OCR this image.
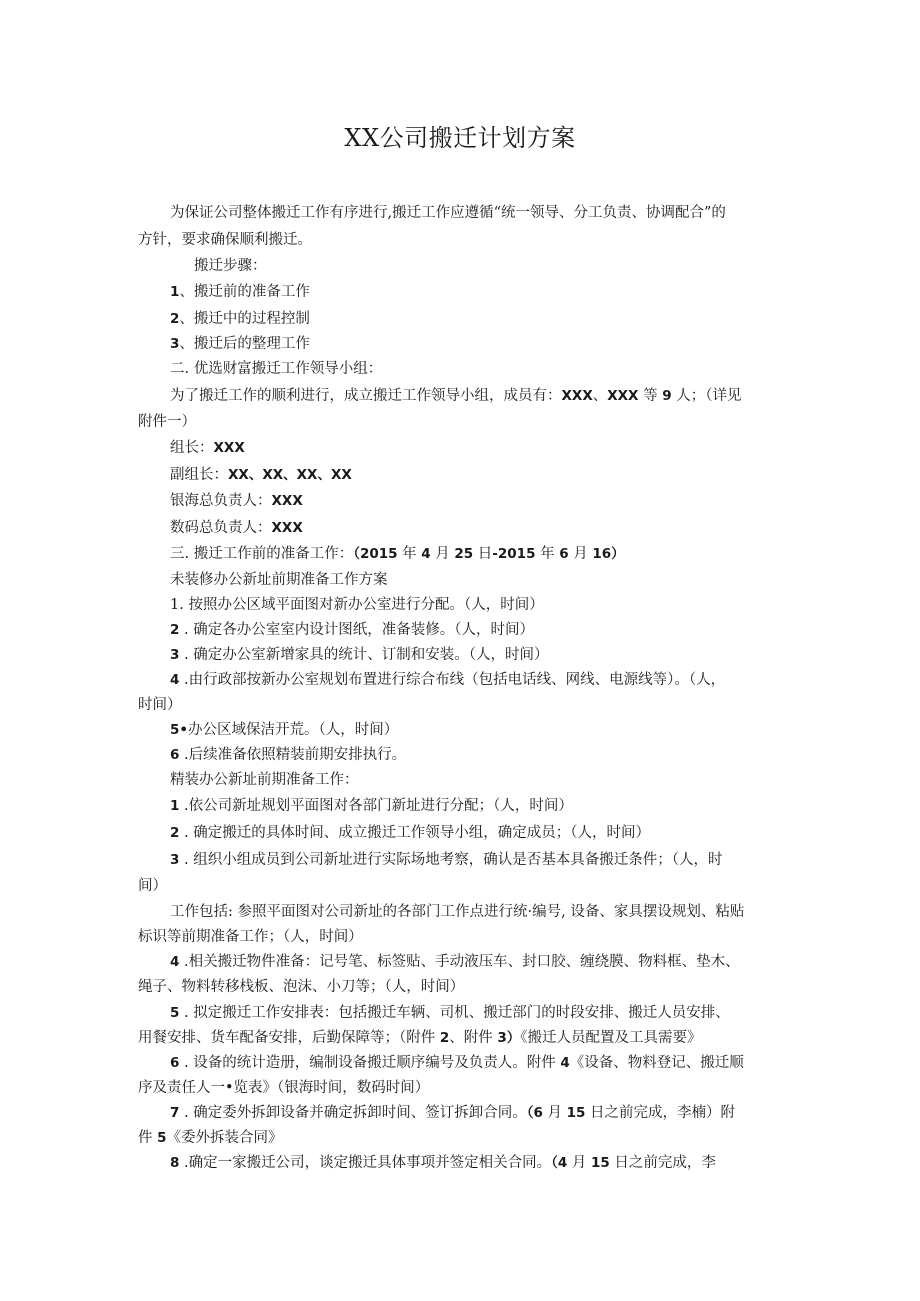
XX公司搬迁计划方案
为保证公司整体搬迁工作有序进行,搬迁工作应遵循“统一领导、分工负责、协调配合”的
方针，要求确保顺利搬迁。
搬迁步骤：
1、搬迁前的准备工作
2、搬迁中的过程控制
3、搬迁后的整理工作
二. 优选财富搬迁工作领导小组：
为了搬迁工作的顺利进行，成立搬迁工作领导小组，成员有：XXX、XXX 等 9 人；（详见
附件一）
组长：XXX
副组长：XX、XX、XX、XX
银海总负责人：XXX
数码总负责人：XXX
三. 搬迁工作前的准备工作：（2015 年 4 月 25 日-2015 年 6 月 16）
未装修办公新址前期准备工作方案
1. 按照办公区域平面图对新办公室进行分配。（人，时间）
2 . 确定各办公室室内设计图纸，准备装修。（人，时间）
3 . 确定办公室新增家具的统计、订制和安装。（人，时间）
4 .由行政部按新办公室规划布置进行综合布线（包括电话线、网线、电源线等）。（人，
时间）
5•办公区域保洁开荒。（人，时间）
6 .后续准备依照精装前期安排执行。
精装办公新址前期准备工作：
1 .依公司新址规划平面图对各部门新址进行分配；（人，时间）
2 . 确定搬迁的具体时间、成立搬迁工作领导小组，确定成员；（人，时间）
3 . 组织小组成员到公司新址进行实际场地考察，确认是否基本具备搬迁条件；（人，时
间）
工作包括: 参照平面图对公司新址的各部门工作点进行统·编号, 设备、家具摆设规划、粘贴
标识等前期准备工作；（人，时间）
4 .相关搬迁物件准备：记号笔、标签贴、手动液压车、封口胶、缠绕膜、物料框、垫木、
绳子、物料转移栈板、泡沫、小刀等；（人，时间）
5 . 拟定搬迁工作安排表：包括搬迁车辆、司机、搬迁部门的时段安排、搬迁人员安排、
用餐安排、货车配备安排，后勤保障等；（附件 2、附件 3）《搬迁人员配置及工具需要》
6 . 设备的统计造册，编制设备搬迁顺序编号及负责人。附件 4《设备、物料登记、搬迁顺
序及责任人一•览表》（银海时间，数码时间）
7 . 确定委外拆卸设备并确定拆卸时间、签订拆卸合同。（6 月 15 日之前完成，李楠）附
件 5《委外拆装合同》
8 .确定一家搬迁公司，谈定搬迁具体事项并签定相关合同。（4 月 15 日之前完成，李
